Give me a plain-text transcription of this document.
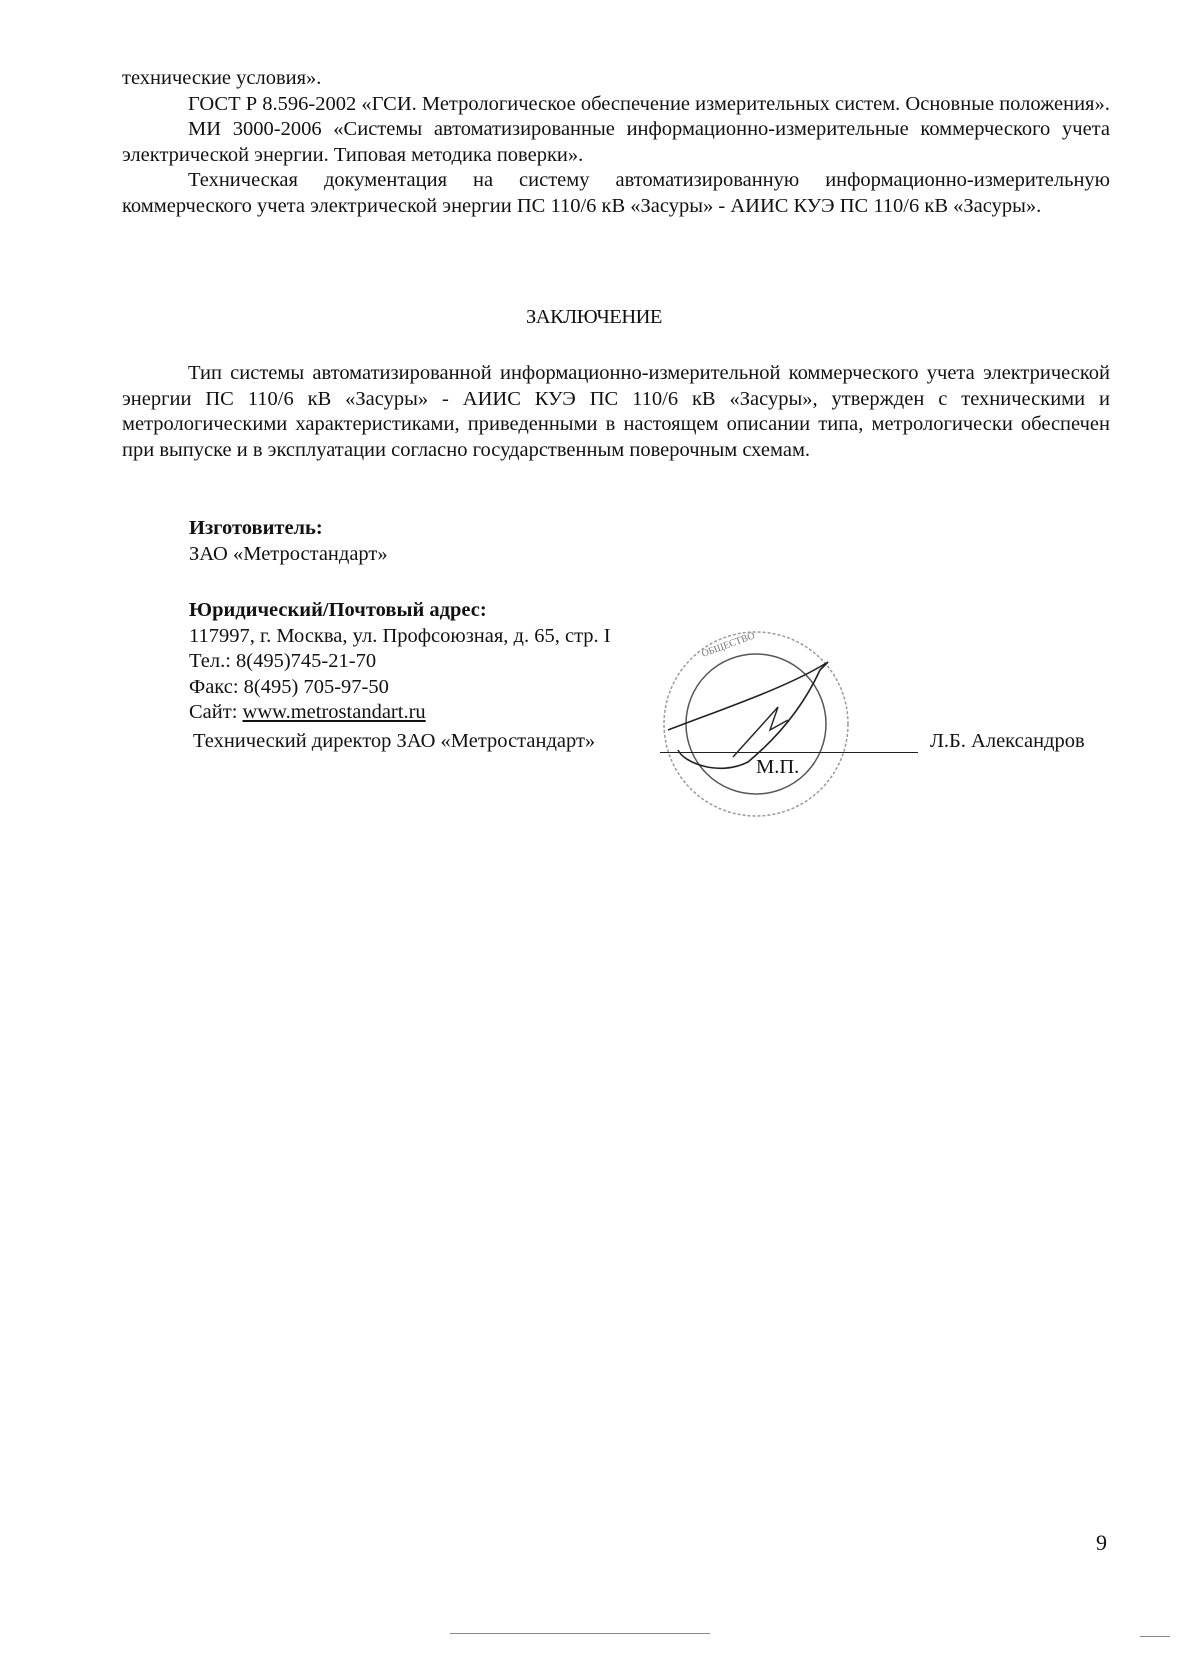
технические условия».

ГОСТ Р 8.596-2002 «ГСИ. Метрологическое обеспечение измерительных систем. Основные положения».

МИ 3000-2006 «Системы автоматизированные информационно-измерительные коммерческого учета электрической энергии. Типовая методика поверки».

Техническая документация на систему автоматизированную информационно-измерительную коммерческого учета электрической энергии ПС 110/6 кВ «Засуры» - АИИС КУЭ ПС 110/6 кВ «Засуры».

ЗАКЛЮЧЕНИЕ

Тип системы автоматизированной информационно-измерительной коммерческого учета электрической энергии ПС 110/6 кВ «Засуры» - АИИС КУЭ ПС 110/6 кВ «Засуры», утвержден с техническими и метрологическими характеристиками, приведенными в настоящем описании типа, метрологически обеспечен при выпуске и в эксплуатации согласно государственным поверочным схемам.

Изготовитель:
ЗАО «Метростандарт»
Юридический/Почтовый адрес:
117997, г. Москва, ул. Профсоюзная, д. 65, стр. I
Тел.: 8(495)745-21-70
Факс: 8(495) 705-97-50
Сайт: www.metrostandart.ru
ОБЩЕСТВО
Технический директор ЗАО «Метростандарт»	Л.Б. Александров
М.П.
9
